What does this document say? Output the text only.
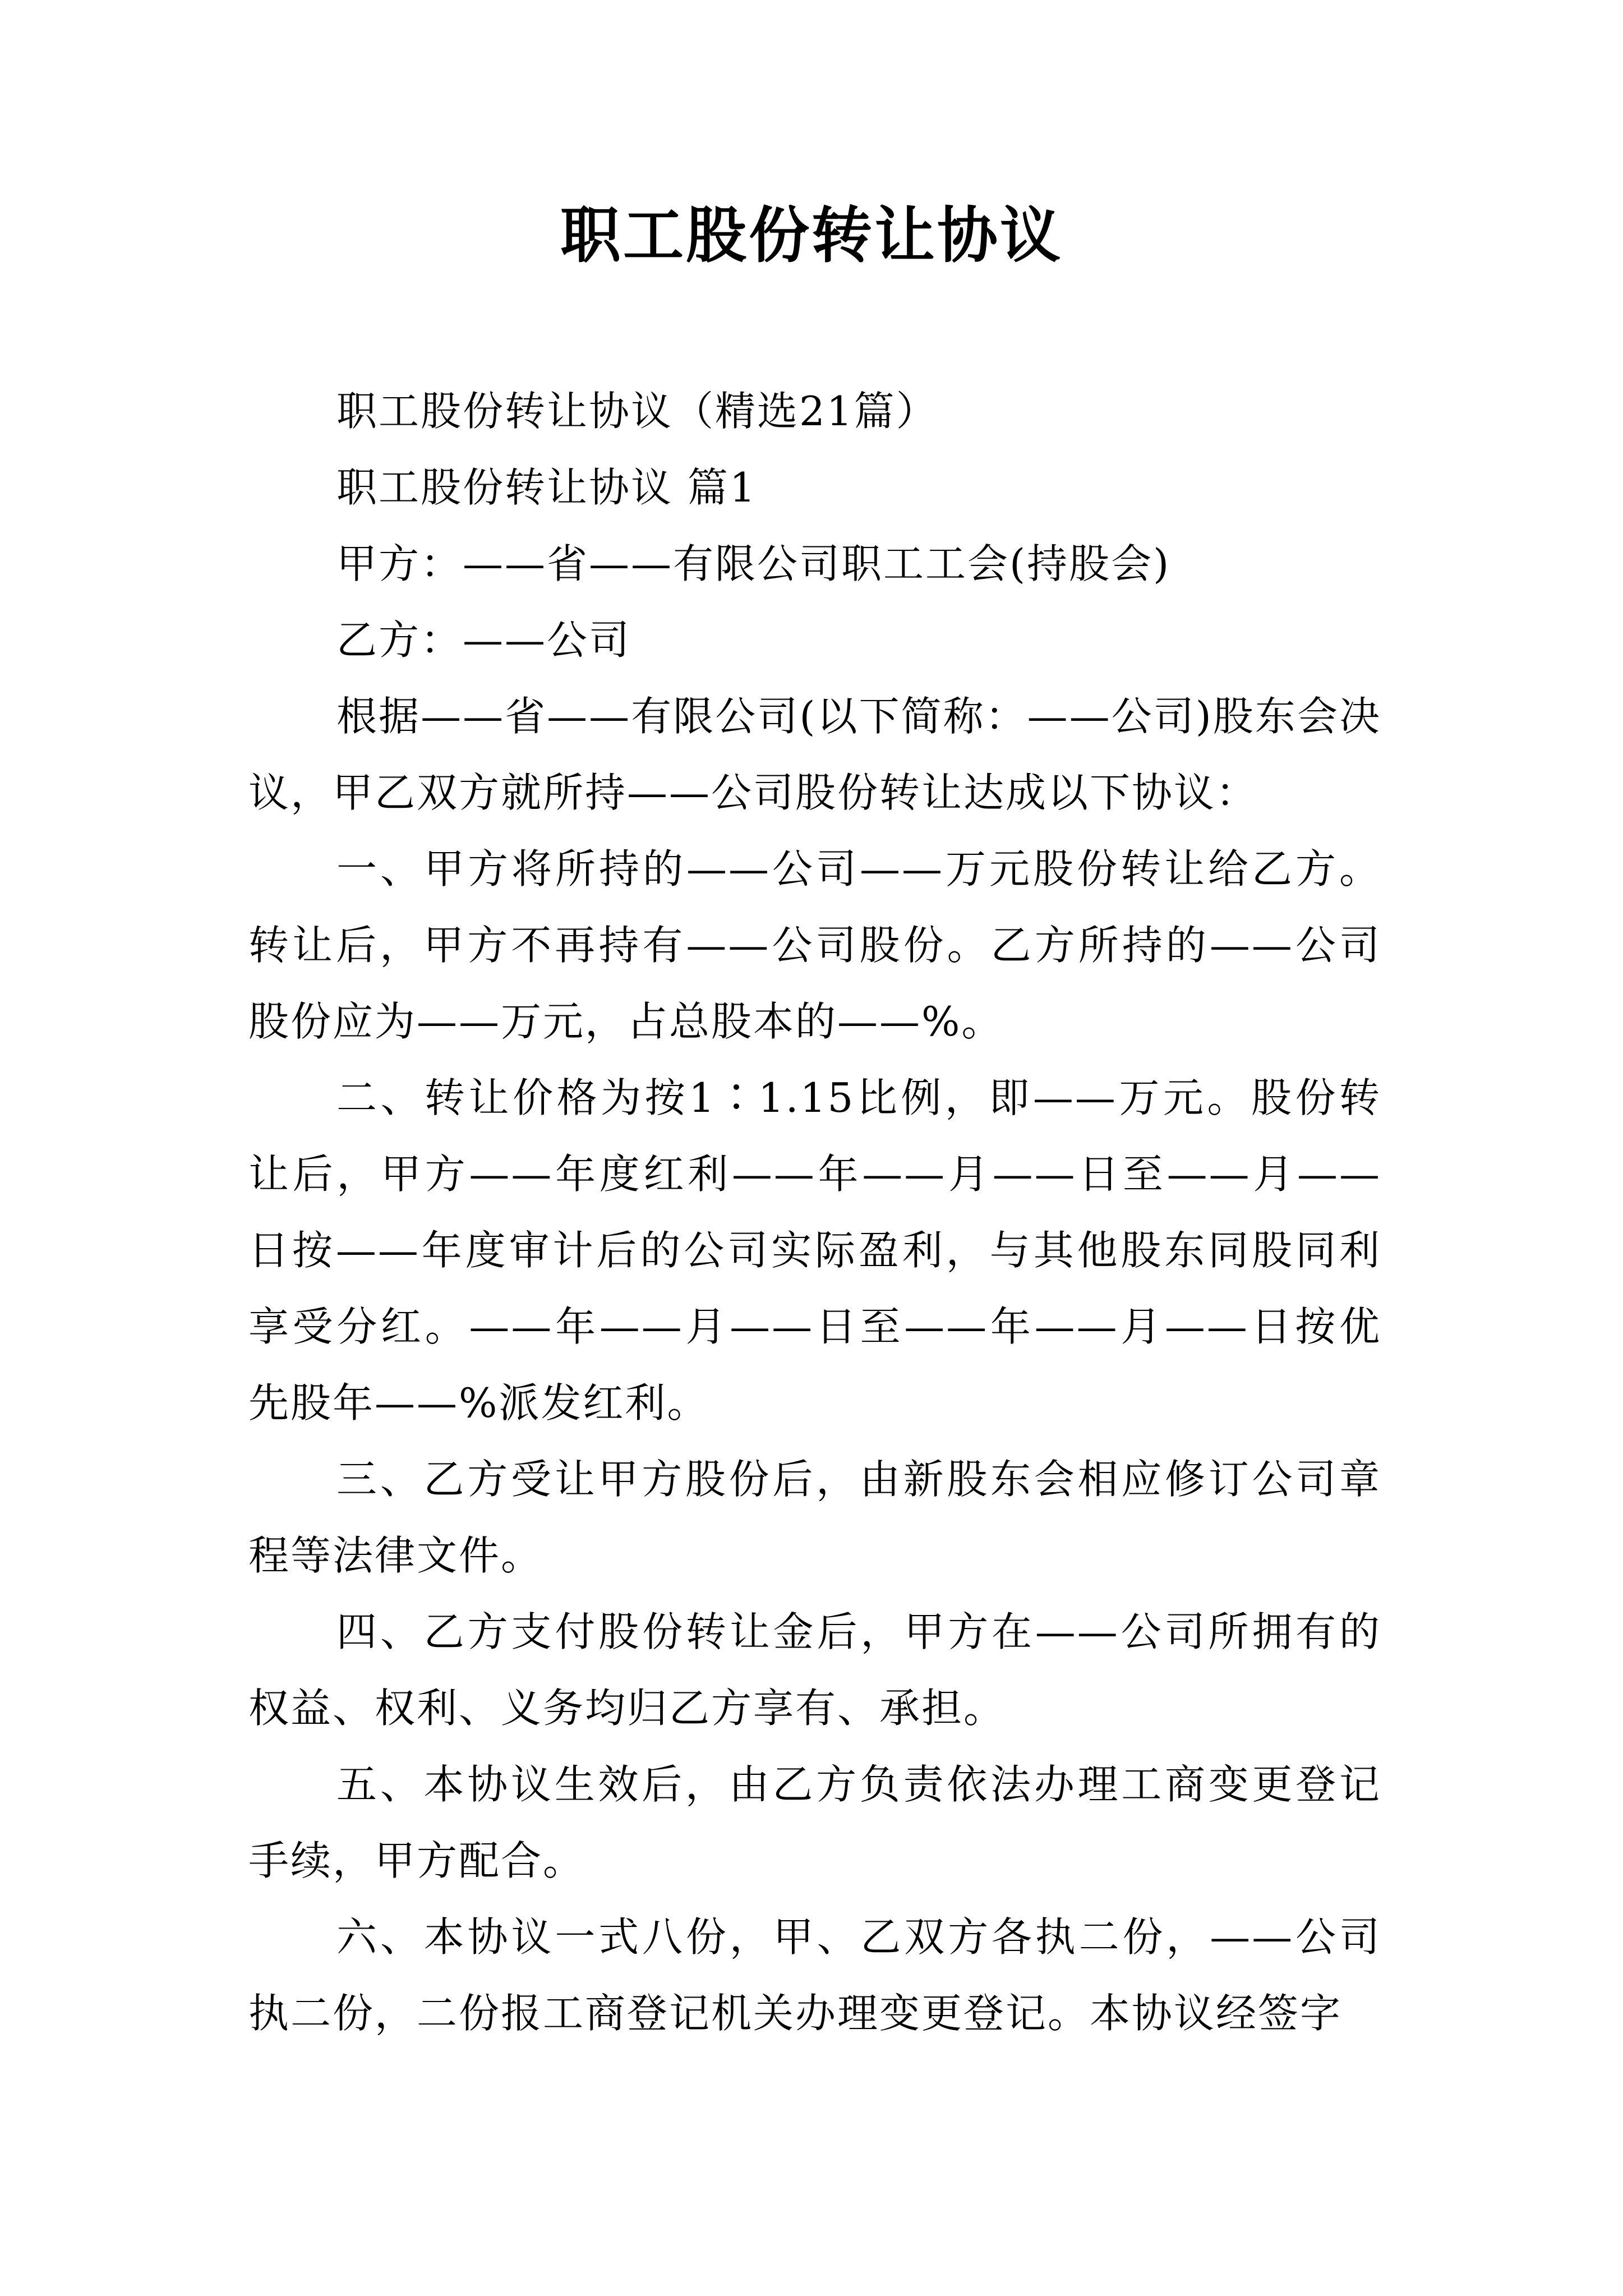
职工股份转让协议

职工股份转让协议（精选21篇）

职工股份转让协议 篇1

甲方：——省——有限公司职工工会(持股会)

乙方：——公司

根据——省——有限公司(以下简称：——公司)股东会决议，甲乙双方就所持——公司股份转让达成以下协议：

一、甲方将所持的——公司——万元股份转让给乙方。转让后，甲方不再持有——公司股份。乙方所持的——公司股份应为——万元，占总股本的——%。

二、转让价格为按1∶1.15比例，即——万元。股份转让后，甲方——年度红利——年——月——日至——月——日按——年度审计后的公司实际盈利，与其他股东同股同利享受分红。——年——月——日至——年——月——日按优先股年——%派发红利。

三、乙方受让甲方股份后，由新股东会相应修订公司章程等法律文件。

四、乙方支付股份转让金后，甲方在——公司所拥有的权益、权利、义务均归乙方享有、承担。

五、本协议生效后，由乙方负责依法办理工商变更登记手续，甲方配合。

六、本协议一式八份，甲、乙双方各执二份，——公司执二份，二份报工商登记机关办理变更登记。本协议经签字
